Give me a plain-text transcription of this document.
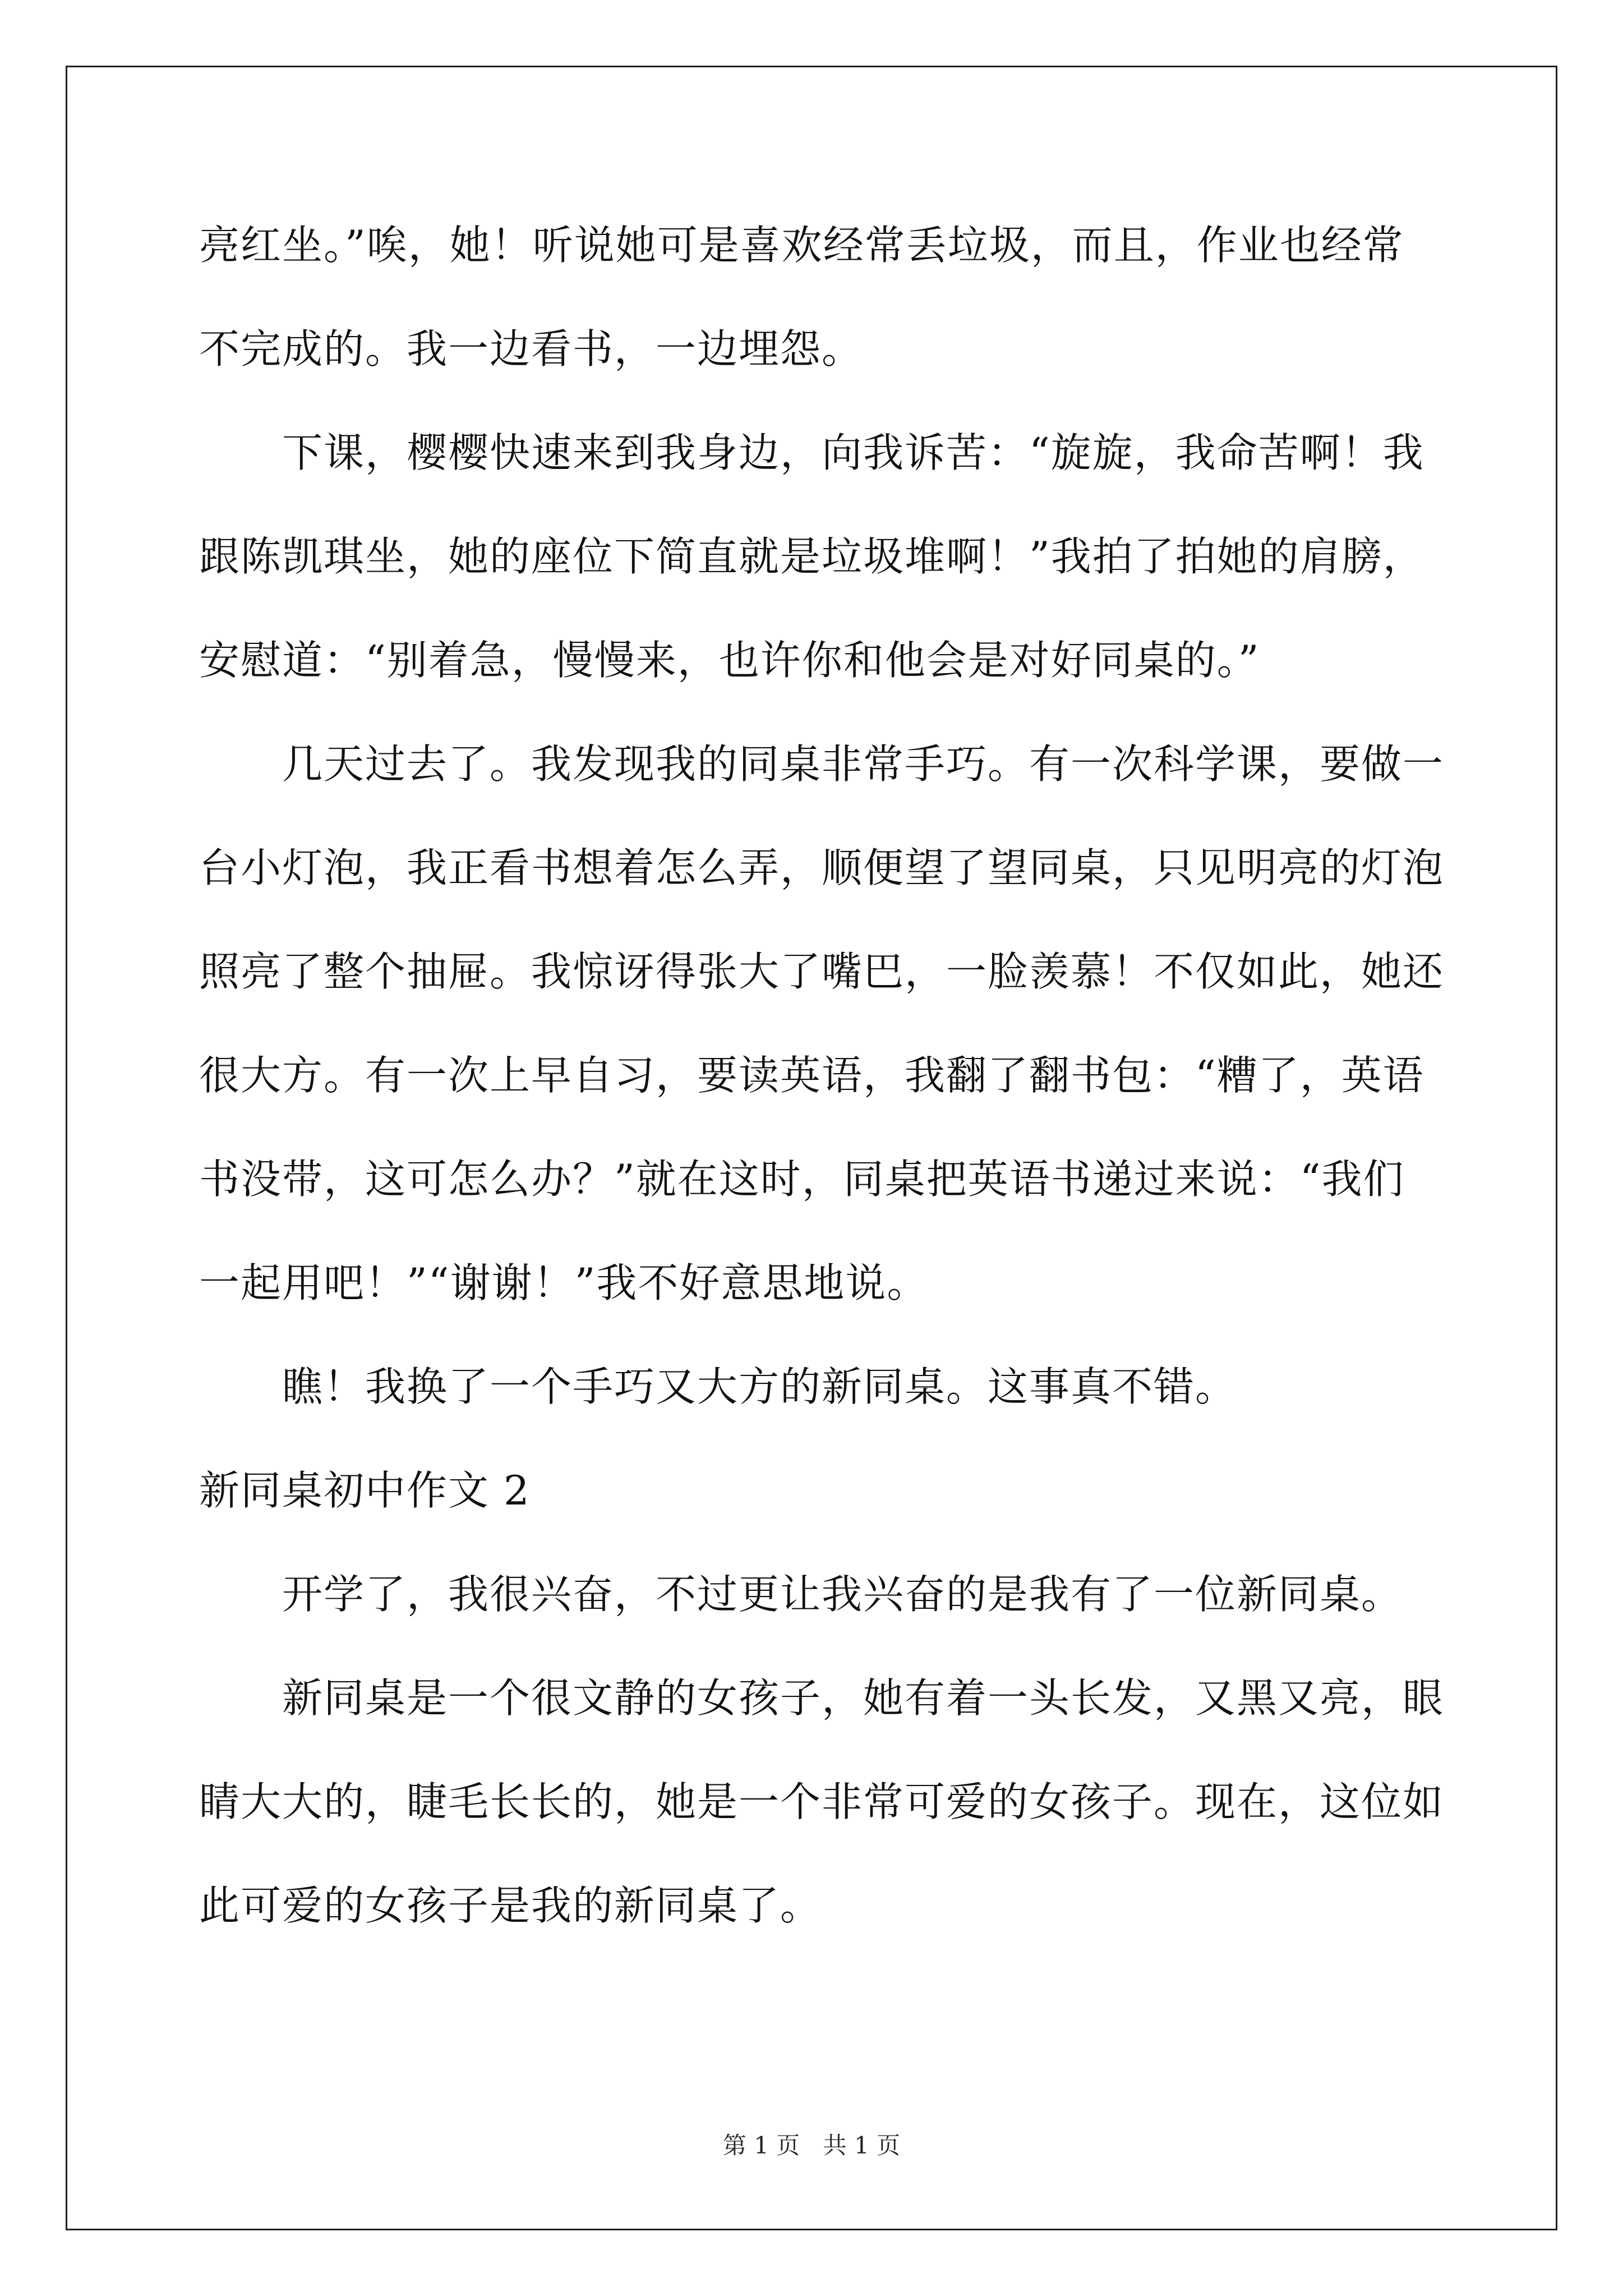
亮红坐。”唉，她！听说她可是喜欢经常丢垃圾，而且，作业也经常
不完成的。我一边看书，一边埋怨。
下课，樱樱快速来到我身边，向我诉苦：“旋旋，我命苦啊！我
跟陈凯琪坐，她的座位下简直就是垃圾堆啊！”我拍了拍她的肩膀，
安慰道：“别着急，慢慢来，也许你和他会是对好同桌的。”
几天过去了。我发现我的同桌非常手巧。有一次科学课，要做一
台小灯泡，我正看书想着怎么弄，顺便望了望同桌，只见明亮的灯泡
照亮了整个抽屉。我惊讶得张大了嘴巴，一脸羡慕！不仅如此，她还
很大方。有一次上早自习，要读英语，我翻了翻书包：“糟了，英语
书没带，这可怎么办？”就在这时，同桌把英语书递过来说：“我们
一起用吧！”“谢谢！”我不好意思地说。
瞧！我换了一个手巧又大方的新同桌。这事真不错。
新同桌初中作文 2
开学了，我很兴奋，不过更让我兴奋的是我有了一位新同桌。
新同桌是一个很文静的女孩子，她有着一头长发，又黑又亮，眼
睛大大的，睫毛长长的，她是一个非常可爱的女孩子。现在，这位如
此可爱的女孩子是我的新同桌了。
第 1 页 共 1 页
